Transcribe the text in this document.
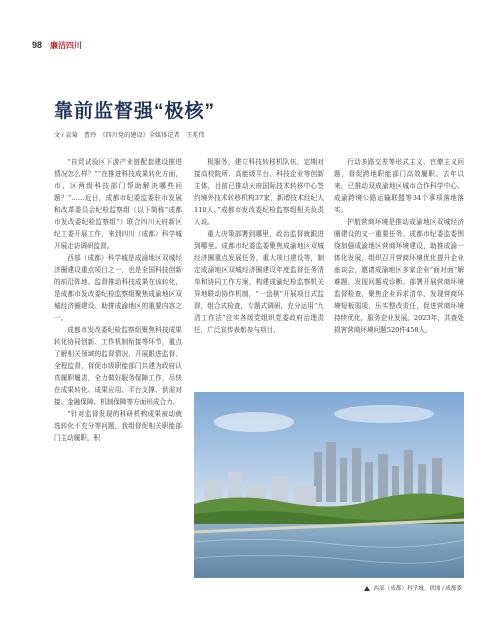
98 廉洁四川
靠前监督强“极核”
文 / 袁菊　曹玲　《四川党的建设》全媒体记者　王兆伟

“自贸试验区下游产业链配套建设推进情况怎么样？”“在推进科技成果转化方面，市、区两级科技部门帮助解决哪些问题？”……近日，成都市纪委监委驻市发展和改革委员会纪检监察组（以下简称“成都市发改委纪检监察组”）联合四川天府新区纪工委开展工作，来到四川（成都）科学城开展走访调研监督。

西部（成都）科学城是成渝地区双城经济圈建设重点项目之一，也是全国科技创新的前沿阵地。监督推动科技成果在该转化，是成都市发改委纪检监察组聚焦成渝地区双城经济圈建设、助推成渝地区的重要内容之一。

成都市发改委纪检监察组聚焦科技成果转化协同创新、工作机制衔接等环节，重点了解相关领域的监督情况，开展跟进监督、全程监督，督促市级职能部门共建为政府认真履职履责，全力做好服务保障工作，尽快在成果转化、成果应用、平台支撑、供需对接、金融保障、机制保障等方面形成合力。

“针对监督发现的科研机构成果被动就选转化不充分等问题，我组督促相关职能部门主动履职，积

极服务，建立科技转移机队伍，定期对接高校院所、高能级平台、科技企业等创新主体，目前已推动天府国际技术转移中心签约境外技术转移机构37家，新增技术经纪人110人。”成都市发改委纪检监察组相关负责人说。

重大决策部署到哪里，政治监督就跟进到哪里。成都市纪委监委聚焦成渝地区双城经济圈重点发展任务，重大项目建设等，制定成渝地区双城经济圈建设年度监督任务清单和协同工作方案，构建成渝纪检监察机关异地联动协作机制，“一盘棋”开展项目式监督，组合式检查，专题式调研，充分运用“九清工作法”注实各级党组织党委政府治理责任，广泛宣传表彰参与项目、

行动多路交差等形式主义、官僚主义问题，督促跨地职能部门高效履职。去年以来，已推动双成渝地区城市合作科学中心、成渝跨境公路运输联盟等34个事项落地落实。

护航营商环境是推动成渝地区双城经济圈建设的又一重要任务。成都市纪委监委围绕加强成渝地区营商环境建设，助推成渝一体化发展，组织召开营商环境优化提升企业座谈会，邀请成渝地区多家企业“面对面”解难题、发现问题成诊断。部署开展营商环境监督检查，聚焦企业诉求清单，发现营商环境短板弱项，压实整改责任，促进营商环境持续优化，服务企业发展。2023年，共查处损害营商环境问题520件458人。

西部（成都）科学城。供图 / 成都委
